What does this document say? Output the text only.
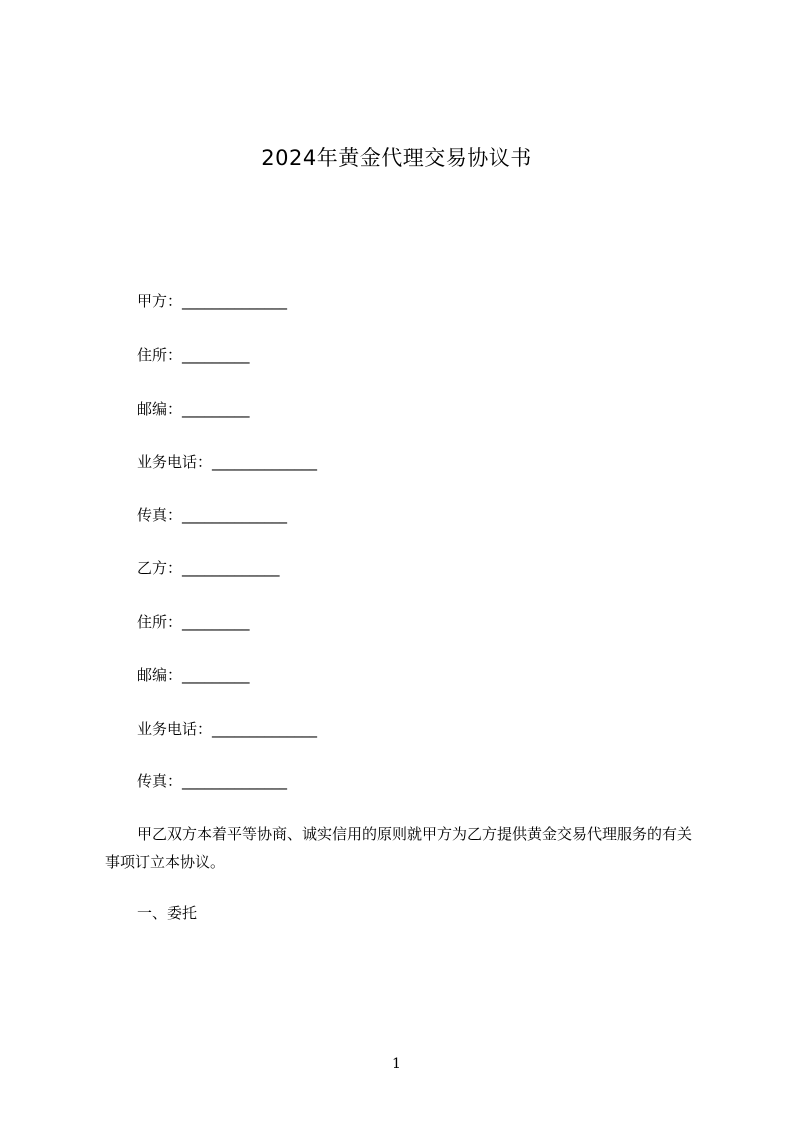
2024年黄金代理交易协议书
甲方：______________
住所：_________
邮编：_________
业务电话：______________
传真：______________
乙方：_____________
住所：_________
邮编：_________
业务电话：______________
传真：______________
甲乙双方本着平等协商、诚实信用的原则就甲方为乙方提供黄金交易代理服务的有关事项订立本协议。
一、委托
1
